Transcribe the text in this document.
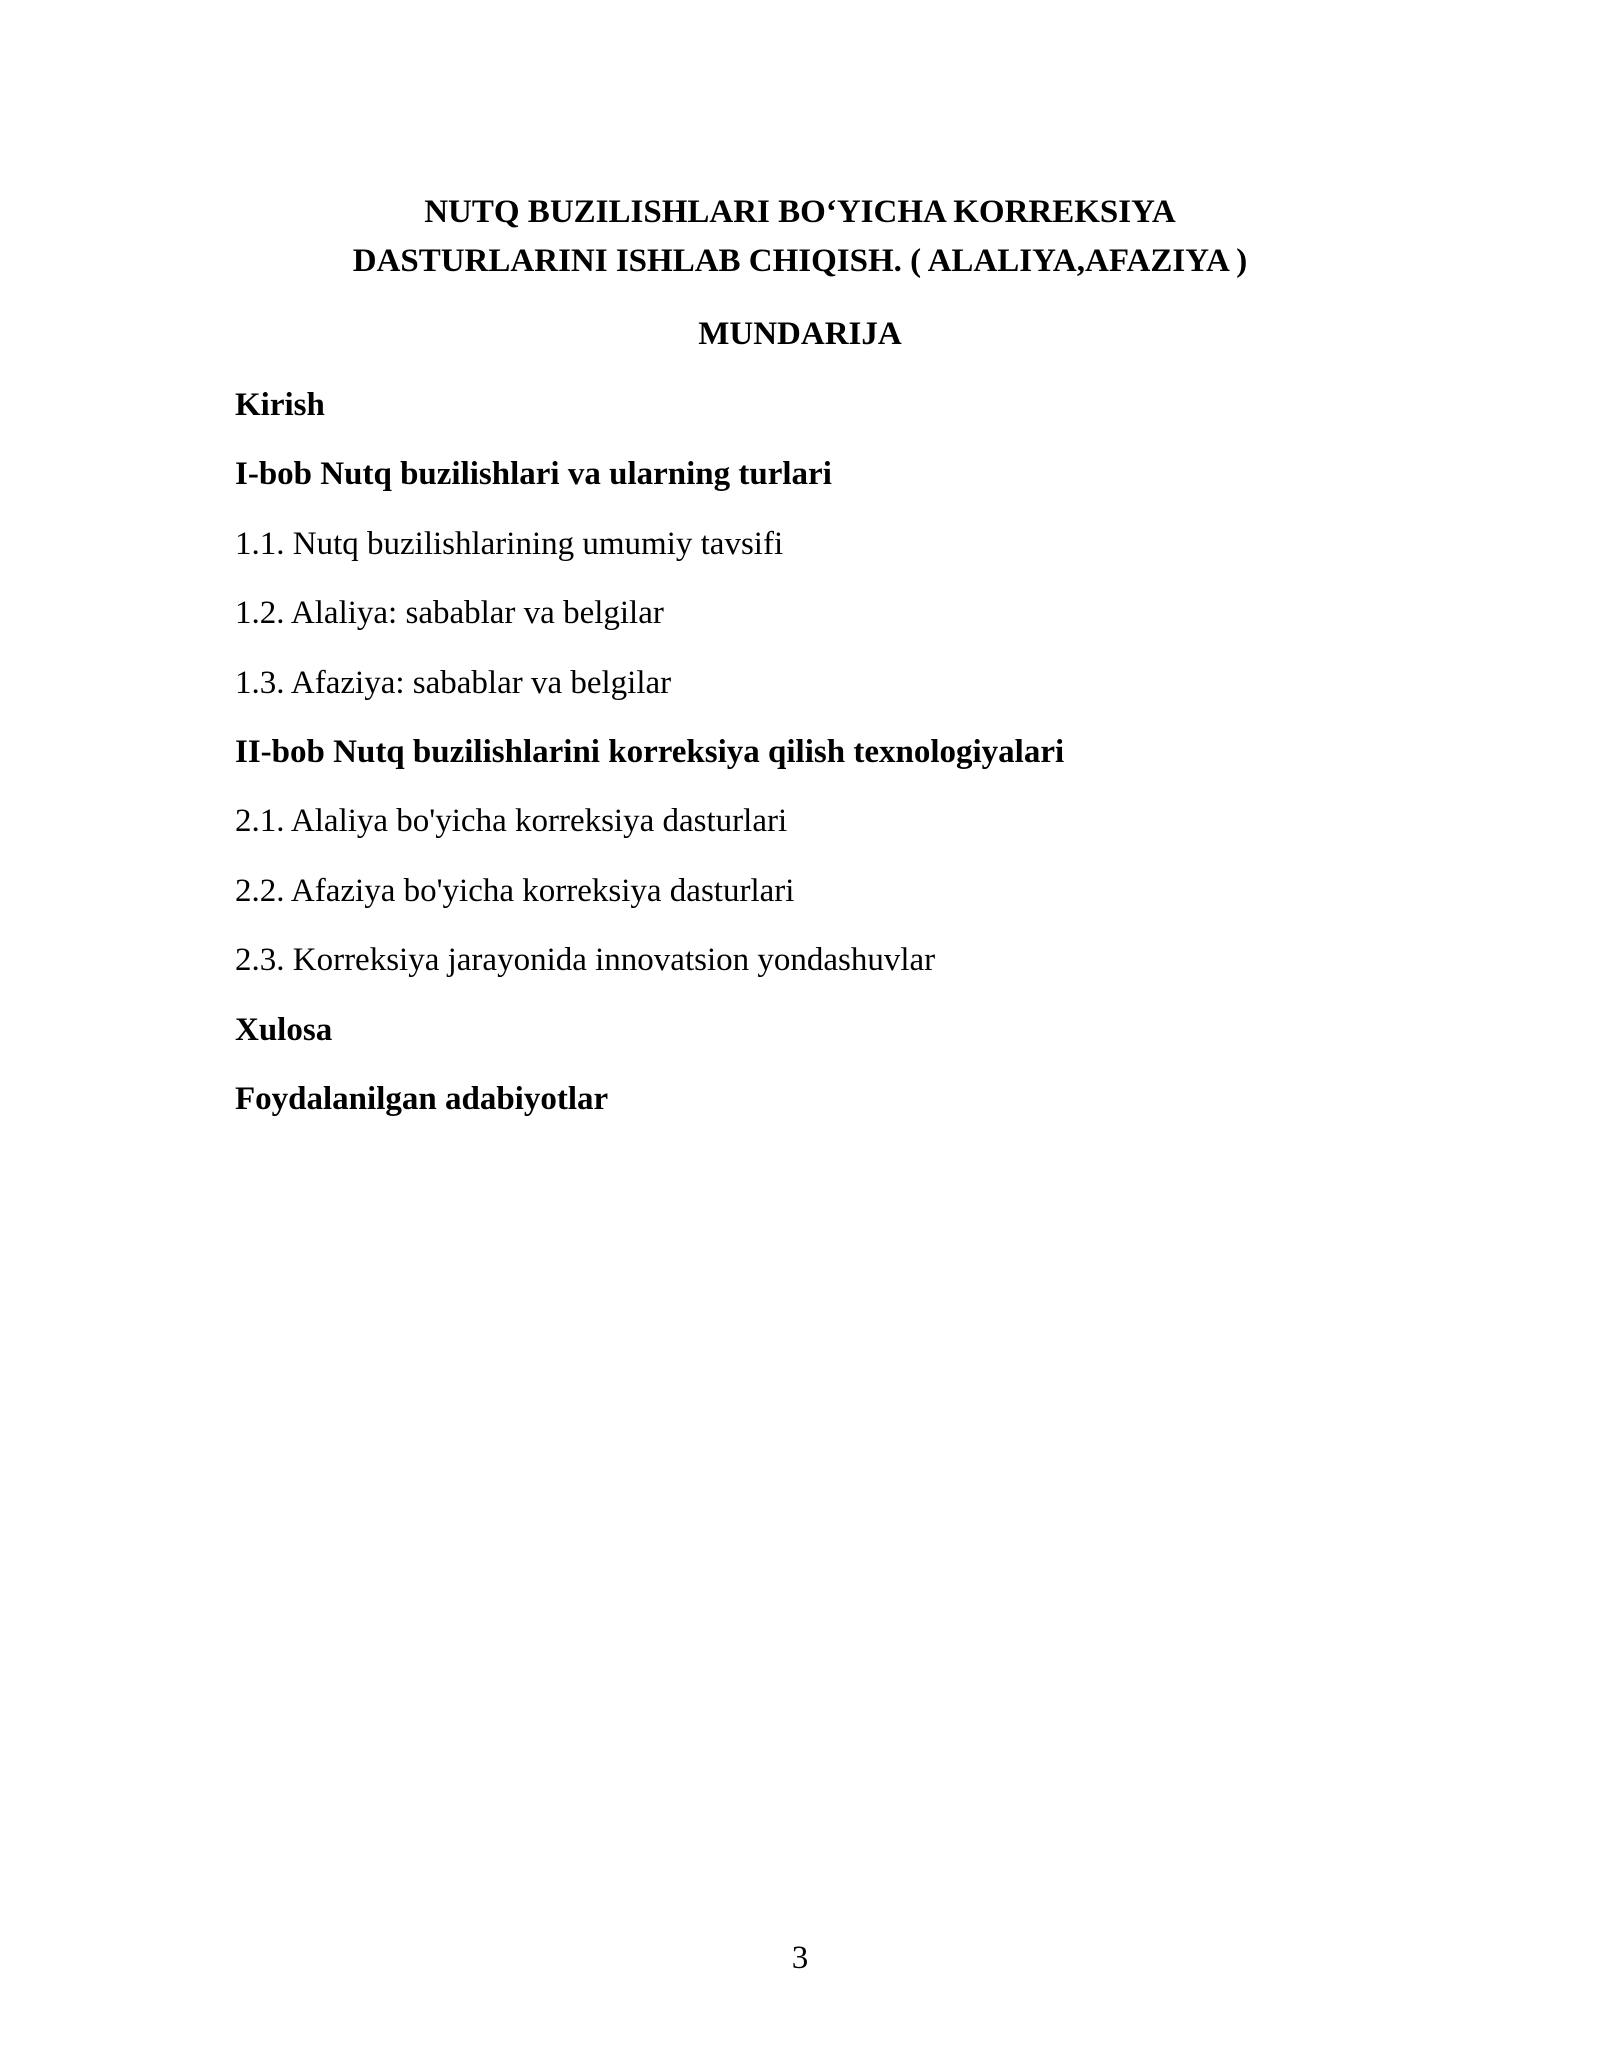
NUTQ BUZILISHLARI BO‘YICHA KORREKSIYA
DASTURLARINI ISHLAB CHIQISH. ( ALALIYA,AFAZIYA )
MUNDARIJA
Kirish
I-bob Nutq buzilishlari va ularning turlari
1.1. Nutq buzilishlarining umumiy tavsifi
1.2. Alaliya: sabablar va belgilar
1.3. Afaziya: sabablar va belgilar
II-bob Nutq buzilishlarini korreksiya qilish texnologiyalari
2.1. Alaliya bo'yicha korreksiya dasturlari
2.2. Afaziya bo'yicha korreksiya dasturlari
2.3. Korreksiya jarayonida innovatsion yondashuvlar
Xulosa
Foydalanilgan adabiyotlar
3
